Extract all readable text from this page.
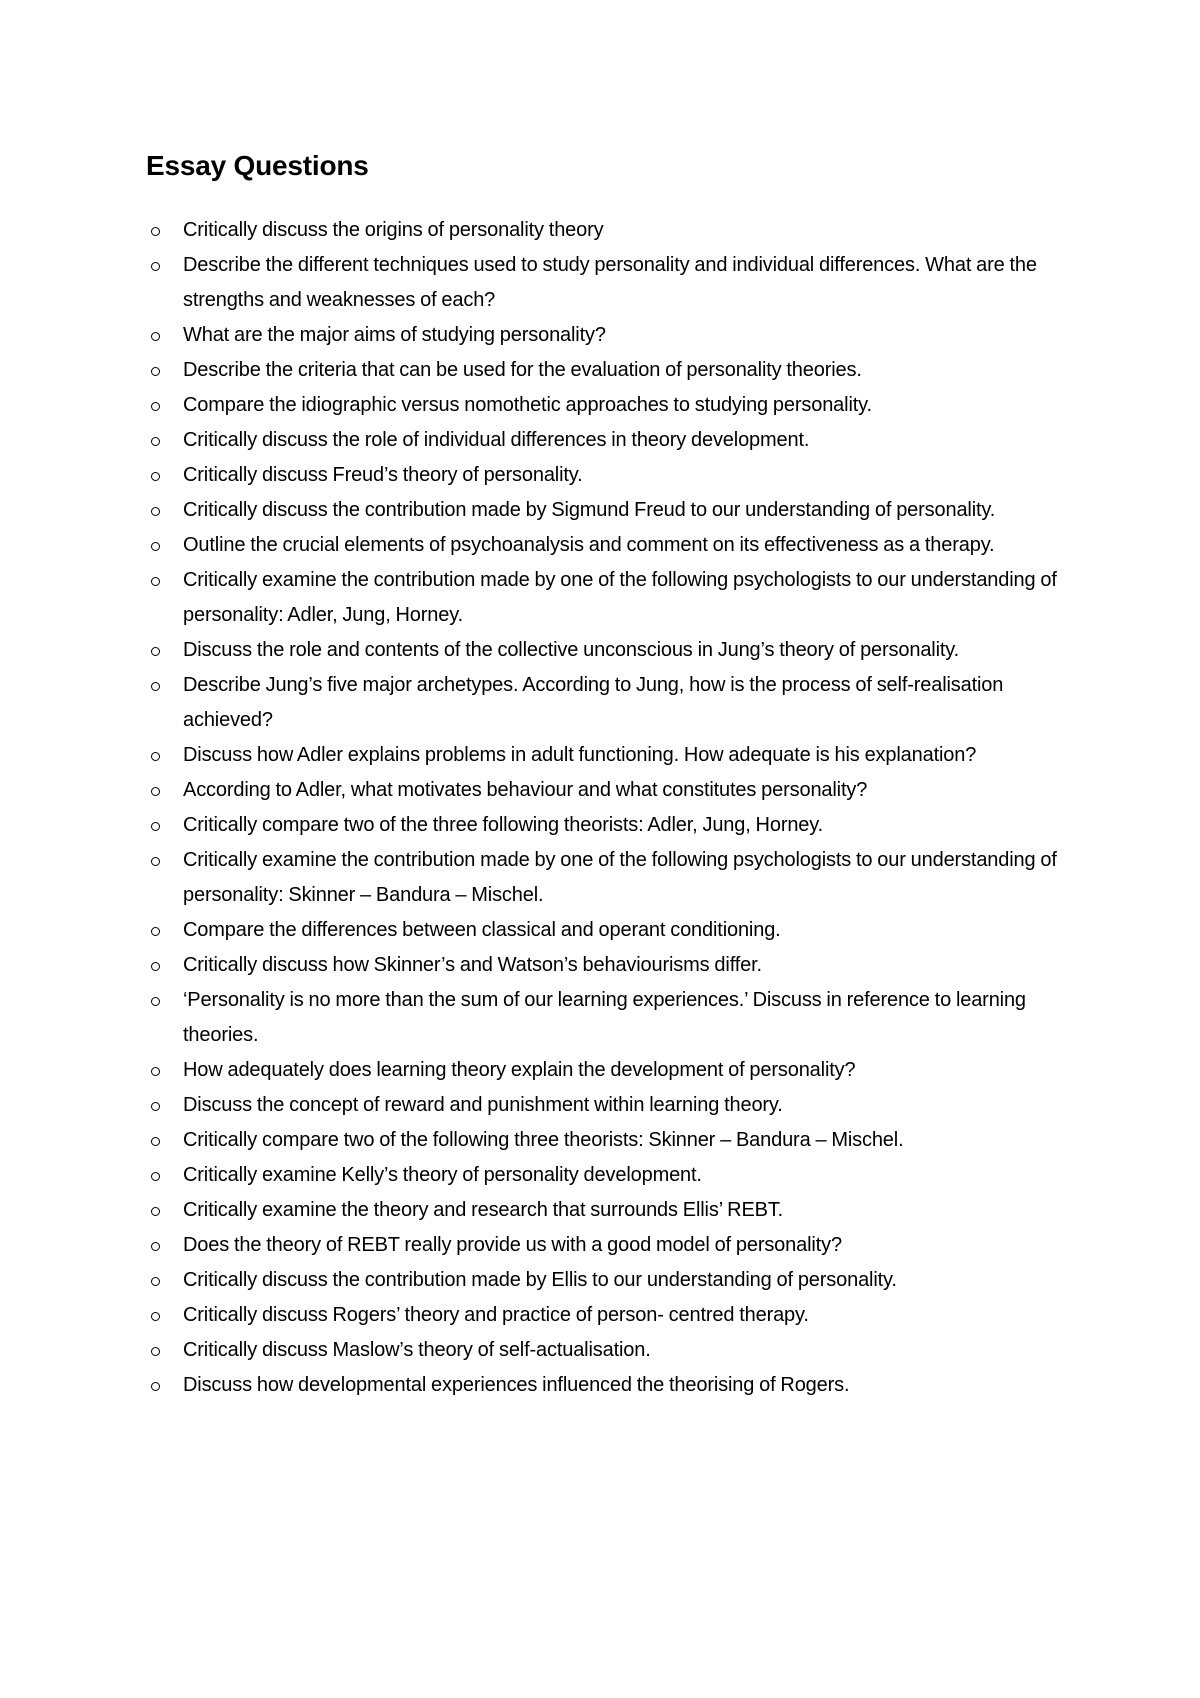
Essay Questions
Critically discuss the origins of personality theory
Describe the different techniques used to study personality and individual differences. What are the strengths and weaknesses of each?
What are the major aims of studying personality?
Describe the criteria that can be used for the evaluation of personality theories.
Compare the idiographic versus nomothetic approaches to studying personality.
Critically discuss the role of individual differences in theory development.
Critically discuss Freud’s theory of personality.
Critically discuss the contribution made by Sigmund Freud to our understanding of personality.
Outline the crucial elements of psychoanalysis and comment on its effectiveness as a therapy.
Critically examine the contribution made by one of the following psychologists to our understanding of personality: Adler, Jung, Horney.
Discuss the role and contents of the collective unconscious in Jung’s theory of personality.
Describe Jung’s five major archetypes. According to Jung, how is the process of self-realisation achieved?
Discuss how Adler explains problems in adult functioning. How adequate is his explanation?
According to Adler, what motivates behaviour and what constitutes personality?
Critically compare two of the three following theorists: Adler, Jung, Horney.
Critically examine the contribution made by one of the following psychologists to our understanding of personality: Skinner – Bandura – Mischel.
Compare the differences between classical and operant conditioning.
Critically discuss how Skinner’s and Watson’s behaviourisms differ.
‘Personality is no more than the sum of our learning experiences.’ Discuss in reference to learning theories.
How adequately does learning theory explain the development of personality?
Discuss the concept of reward and punishment within learning theory.
Critically compare two of the following three theorists: Skinner – Bandura – Mischel.
Critically examine Kelly’s theory of personality development.
Critically examine the theory and research that surrounds Ellis’ REBT.
Does the theory of REBT really provide us with a good model of personality?
Critically discuss the contribution made by Ellis to our understanding of personality.
Critically discuss Rogers’ theory and practice of person- centred therapy.
Critically discuss Maslow’s theory of self-actualisation.
Discuss how developmental experiences influenced the theorising of Rogers.
